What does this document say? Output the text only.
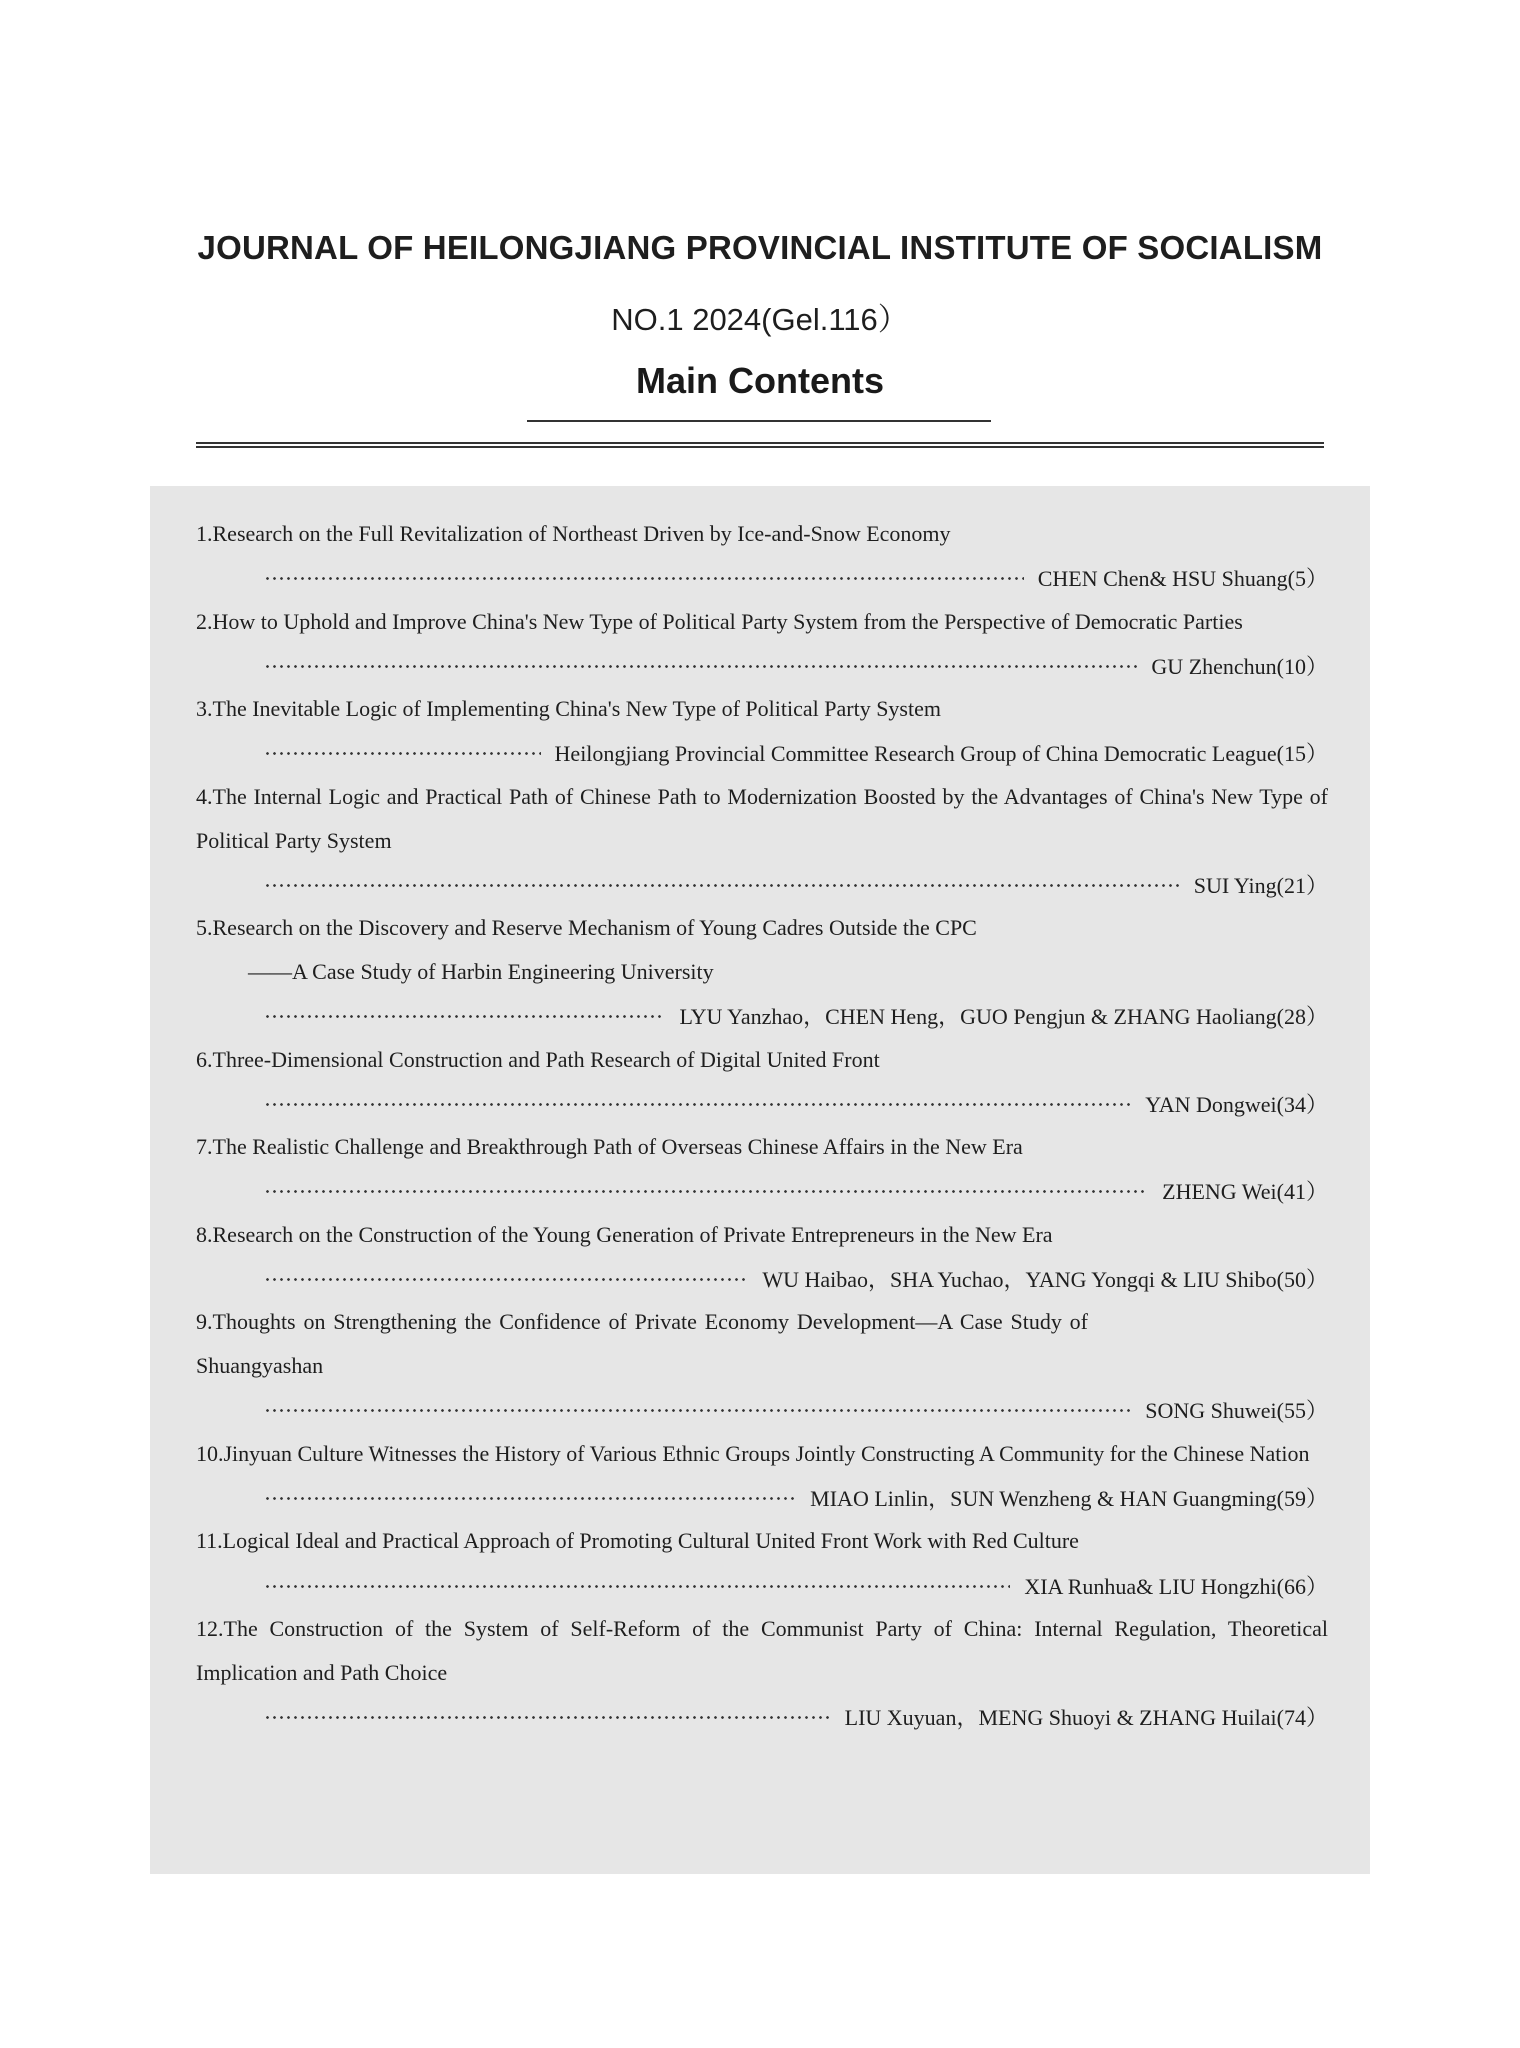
JOURNAL OF HEILONGJIANG PROVINCIAL INSTITUTE OF SOCIALISM
NO.1 2024(Gel.116）
Main Contents
1.Research on the Full Revitalization of Northeast Driven by Ice-and-Snow Economy
CHEN Chen& HSU Shuang(5）
2.How to Uphold and Improve China's New Type of Political Party System from the Perspective of Democratic Parties
GU Zhenchun(10）
3.The Inevitable Logic of Implementing China's New Type of Political Party System
Heilongjiang Provincial Committee Research Group of China Democratic League(15）
4.The Internal Logic and Practical Path of Chinese Path to Modernization Boosted by the Advantages of China's New Type of Political Party System
SUI Ying(21）
5.Research on the Discovery and Reserve Mechanism of Young Cadres Outside the CPC
——A Case Study of Harbin Engineering University
LYU Yanzhao，CHEN Heng，GUO Pengjun & ZHANG Haoliang(28）
6.Three-Dimensional Construction and Path Research of Digital United Front
YAN Dongwei(34）
7.The Realistic Challenge and Breakthrough Path of Overseas Chinese Affairs in the New Era
ZHENG Wei(41）
8.Research on the Construction of the Young Generation of Private Entrepreneurs in the New Era
WU Haibao，SHA Yuchao，YANG Yongqi & LIU Shibo(50）
9.Thoughts on Strengthening the Confidence of Private Economy Development—A Case Study of Shuangyashan
SONG Shuwei(55）
10.Jinyuan Culture Witnesses the History of Various Ethnic Groups Jointly Constructing A Community for the Chinese Nation
MIAO Linlin，SUN Wenzheng & HAN Guangming(59）
11.Logical Ideal and Practical Approach of Promoting Cultural United Front Work with Red Culture
XIA Runhua& LIU Hongzhi(66）
12.The Construction of the System of Self-Reform of the Communist Party of China: Internal Regulation, Theoretical Implication and Path Choice
LIU Xuyuan，MENG Shuoyi & ZHANG Huilai(74）
